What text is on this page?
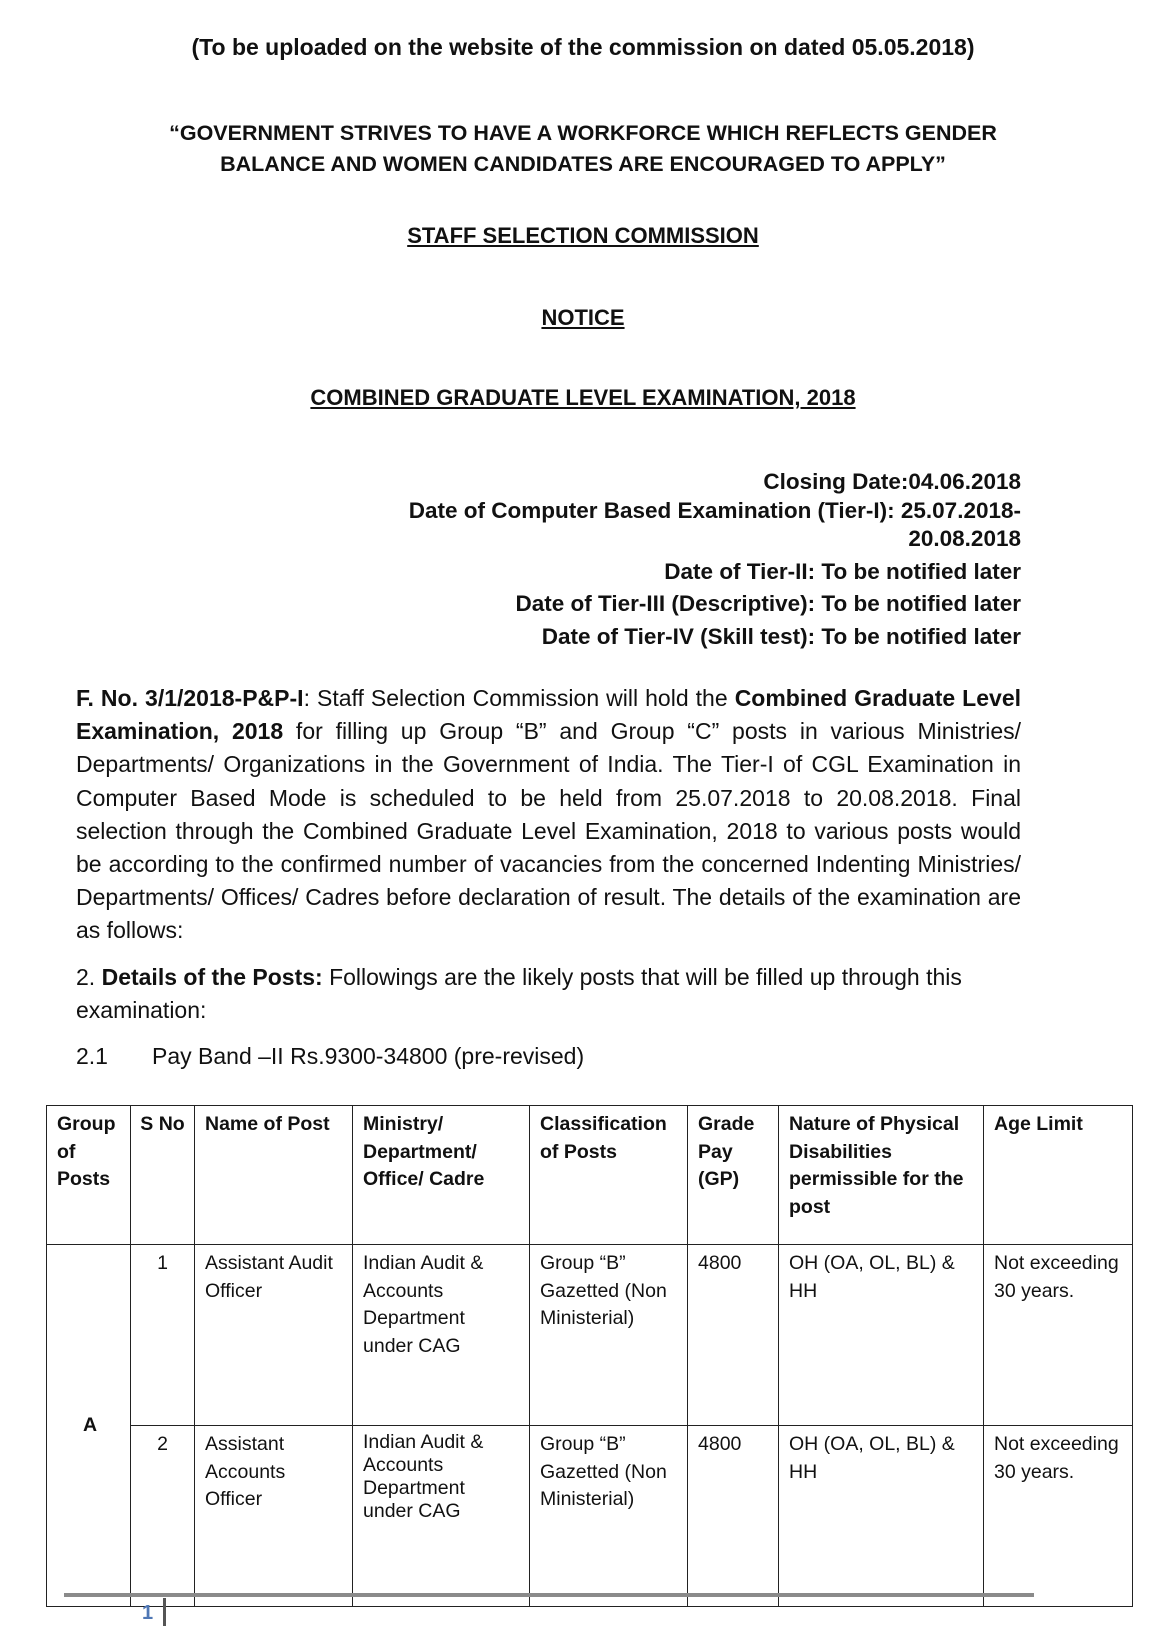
(To be uploaded on the website of the commission on dated 05.05.2018)
“GOVERNMENT STRIVES TO HAVE A WORKFORCE WHICH REFLECTS GENDER
BALANCE AND WOMEN CANDIDATES ARE ENCOURAGED TO APPLY”
STAFF SELECTION COMMISSION
NOTICE
COMBINED GRADUATE LEVEL EXAMINATION, 2018
Closing Date:04.06.2018
Date of Computer Based Examination (Tier-I): 25.07.2018-
20.08.2018
Date of Tier-II: To be notified later
Date of Tier-III (Descriptive): To be notified later
Date of Tier-IV (Skill test): To be notified later

F. No. 3/1/2018-P&P-I: Staff Selection Commission will hold the Combined Graduate Level Examination, 2018 for filling up Group “B” and Group “C” posts in various Ministries/ Departments/ Organizations in the Government of India. The Tier-I of CGL Examination in Computer Based Mode is scheduled to be held from 25.07.2018 to 20.08.2018. Final selection through the Combined Graduate Level Examination, 2018 to various posts would be according to the confirmed number of vacancies from the concerned Indenting Ministries/ Departments/ Offices/ Cadres before declaration of result. The details of the examination are as follows:

2. Details of the Posts: Followings are the likely posts that will be filled up through this examination:

2.1 Pay Band –II Rs.9300-34800 (pre-revised)
Group of Posts	S No	Name of Post	Ministry/ Department/ Office/ Cadre	Classification of Posts	Grade Pay (GP)	Nature of Physical Disabilities permissible for the post	Age Limit
A	1	Assistant Audit Officer	Indian Audit & Accounts Department under CAG	Group “B” Gazetted (Non Ministerial)	4800	OH (OA, OL, BL) & HH	Not exceeding 30 years.
	2	Assistant Accounts Officer	Indian Audit & Accounts Department under CAG	Group “B” Gazetted (Non Ministerial)	4800	OH (OA, OL, BL) & HH	Not exceeding 30 years.
1
